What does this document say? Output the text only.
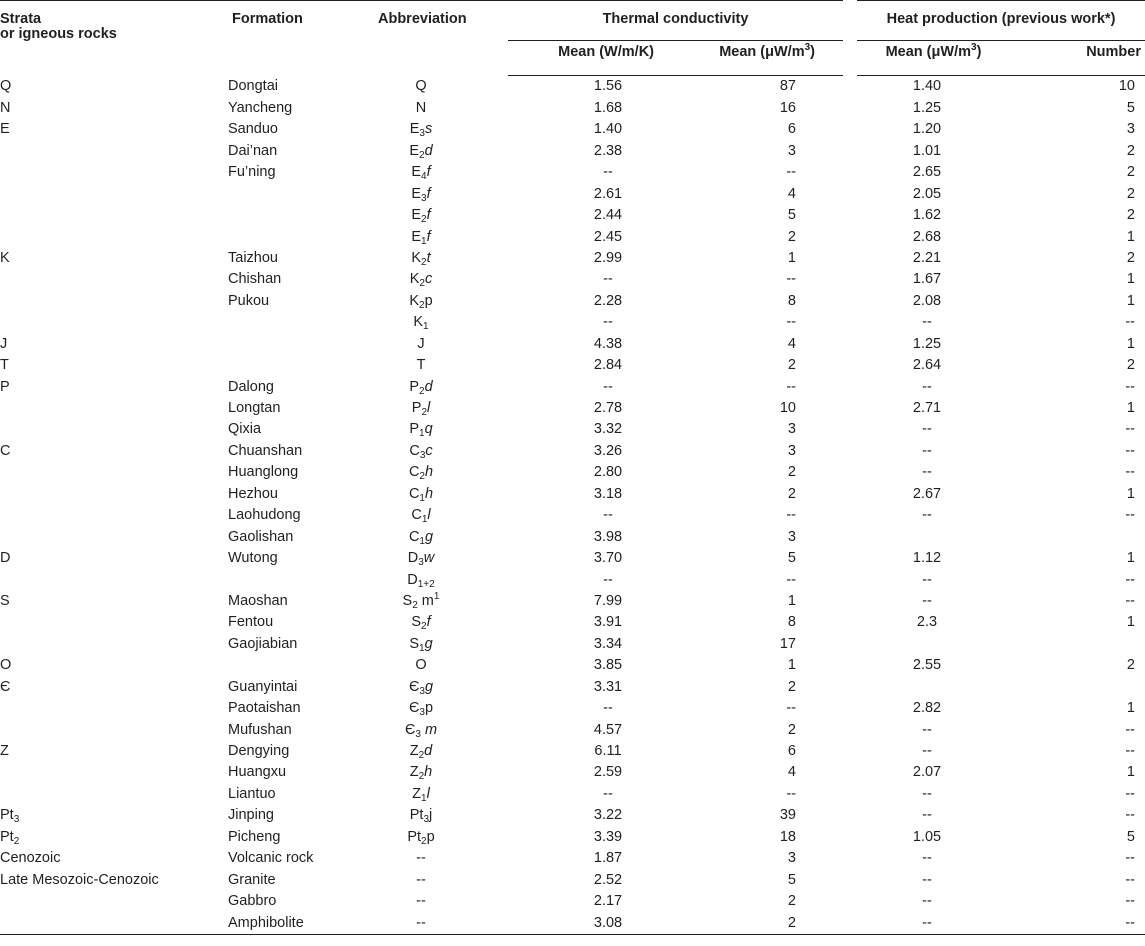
Strata
or igneous rocks	Formation	Abbreviation	Thermal conductivity		Heat production (previous work*)	
			Mean (W/m/K)	Mean $(\mu W/m^3)$	Mean $(\mu W/m^3)$	Number
Q	Dongtai	Q	1.56	87	1.40	10
N	Yancheng	N	1.68	16	1.25	5
E	Sanduo	$E_3s$	1.40	6	1.20	3
	Dai’nan	$E_2d$	2.38	3	1.01	2
	Fu’ning	$E_4f$	--	--	2.65	2
		$E_3f$	2.61	4	2.05	2
		$E_2f$	2.44	5	1.62	2
		$E_1f$	2.45	2	2.68	1
K	Taizhou	$K_2t$	2.99	1	2.21	2
	Chishan	$K_2c$	--	--	1.67	1
	Pukou	$K_2p$	2.28	8	2.08	1
		$K_1$	--	--	--	--
J		J	4.38	4	1.25	1
T		T	2.84	2	2.64	2
P	Dalong	$P_2d$	--	--	--	--
	Longtan	$P_2l$	2.78	10	2.71	1
	Qixia	$P_1q$	3.32	3	--	--
C	Chuanshan	$C_3c$	3.26	3	--	--
	Huanglong	$C_2h$	2.80	2	--	--
	Hezhou	$C_1h$	3.18	2	2.67	1
	Laohudong	$C_1l$	--	--	--	--
	Gaolishan	$C_1g$	3.98	3		
D	Wutong	$D_3w$	3.70	5	1.12	1
		$D_{1+2}$	--	--	--	--
S	Maoshan	$S_2$ $m^1$	7.99	1	--	--
	Fentou	$S_2f$	3.91	8	2.3	1
	Gaojiabian	$S_1g$	3.34	17		
O		O	3.85	1	2.55	2
Є	Guanyintai	$Є_3g$	3.31	2		
	Paotaishan	$Є_3p$	--	--	2.82	1
	Mufushan	$Є_3$ m	4.57	2	--	--
Z	Dengying	$Z_2d$	6.11	6	--	--
	Huangxu	$Z_2h$	2.59	4	2.07	1
	Liantuo	$Z_1l$	--	--	--	--
$Pt_3$	Jinping	$Pt_3j$	3.22	39	--	--
$Pt_2$	Picheng	$Pt_2p$	3.39	18	1.05	5
Cenozoic	Volcanic rock	--	1.87	3	--	--
Late Mesozoic-Cenozoic	Granite	--	2.52	5	--	--
	Gabbro	--	2.17	2	--	--
	Amphibolite	--	3.08	2	--	--
